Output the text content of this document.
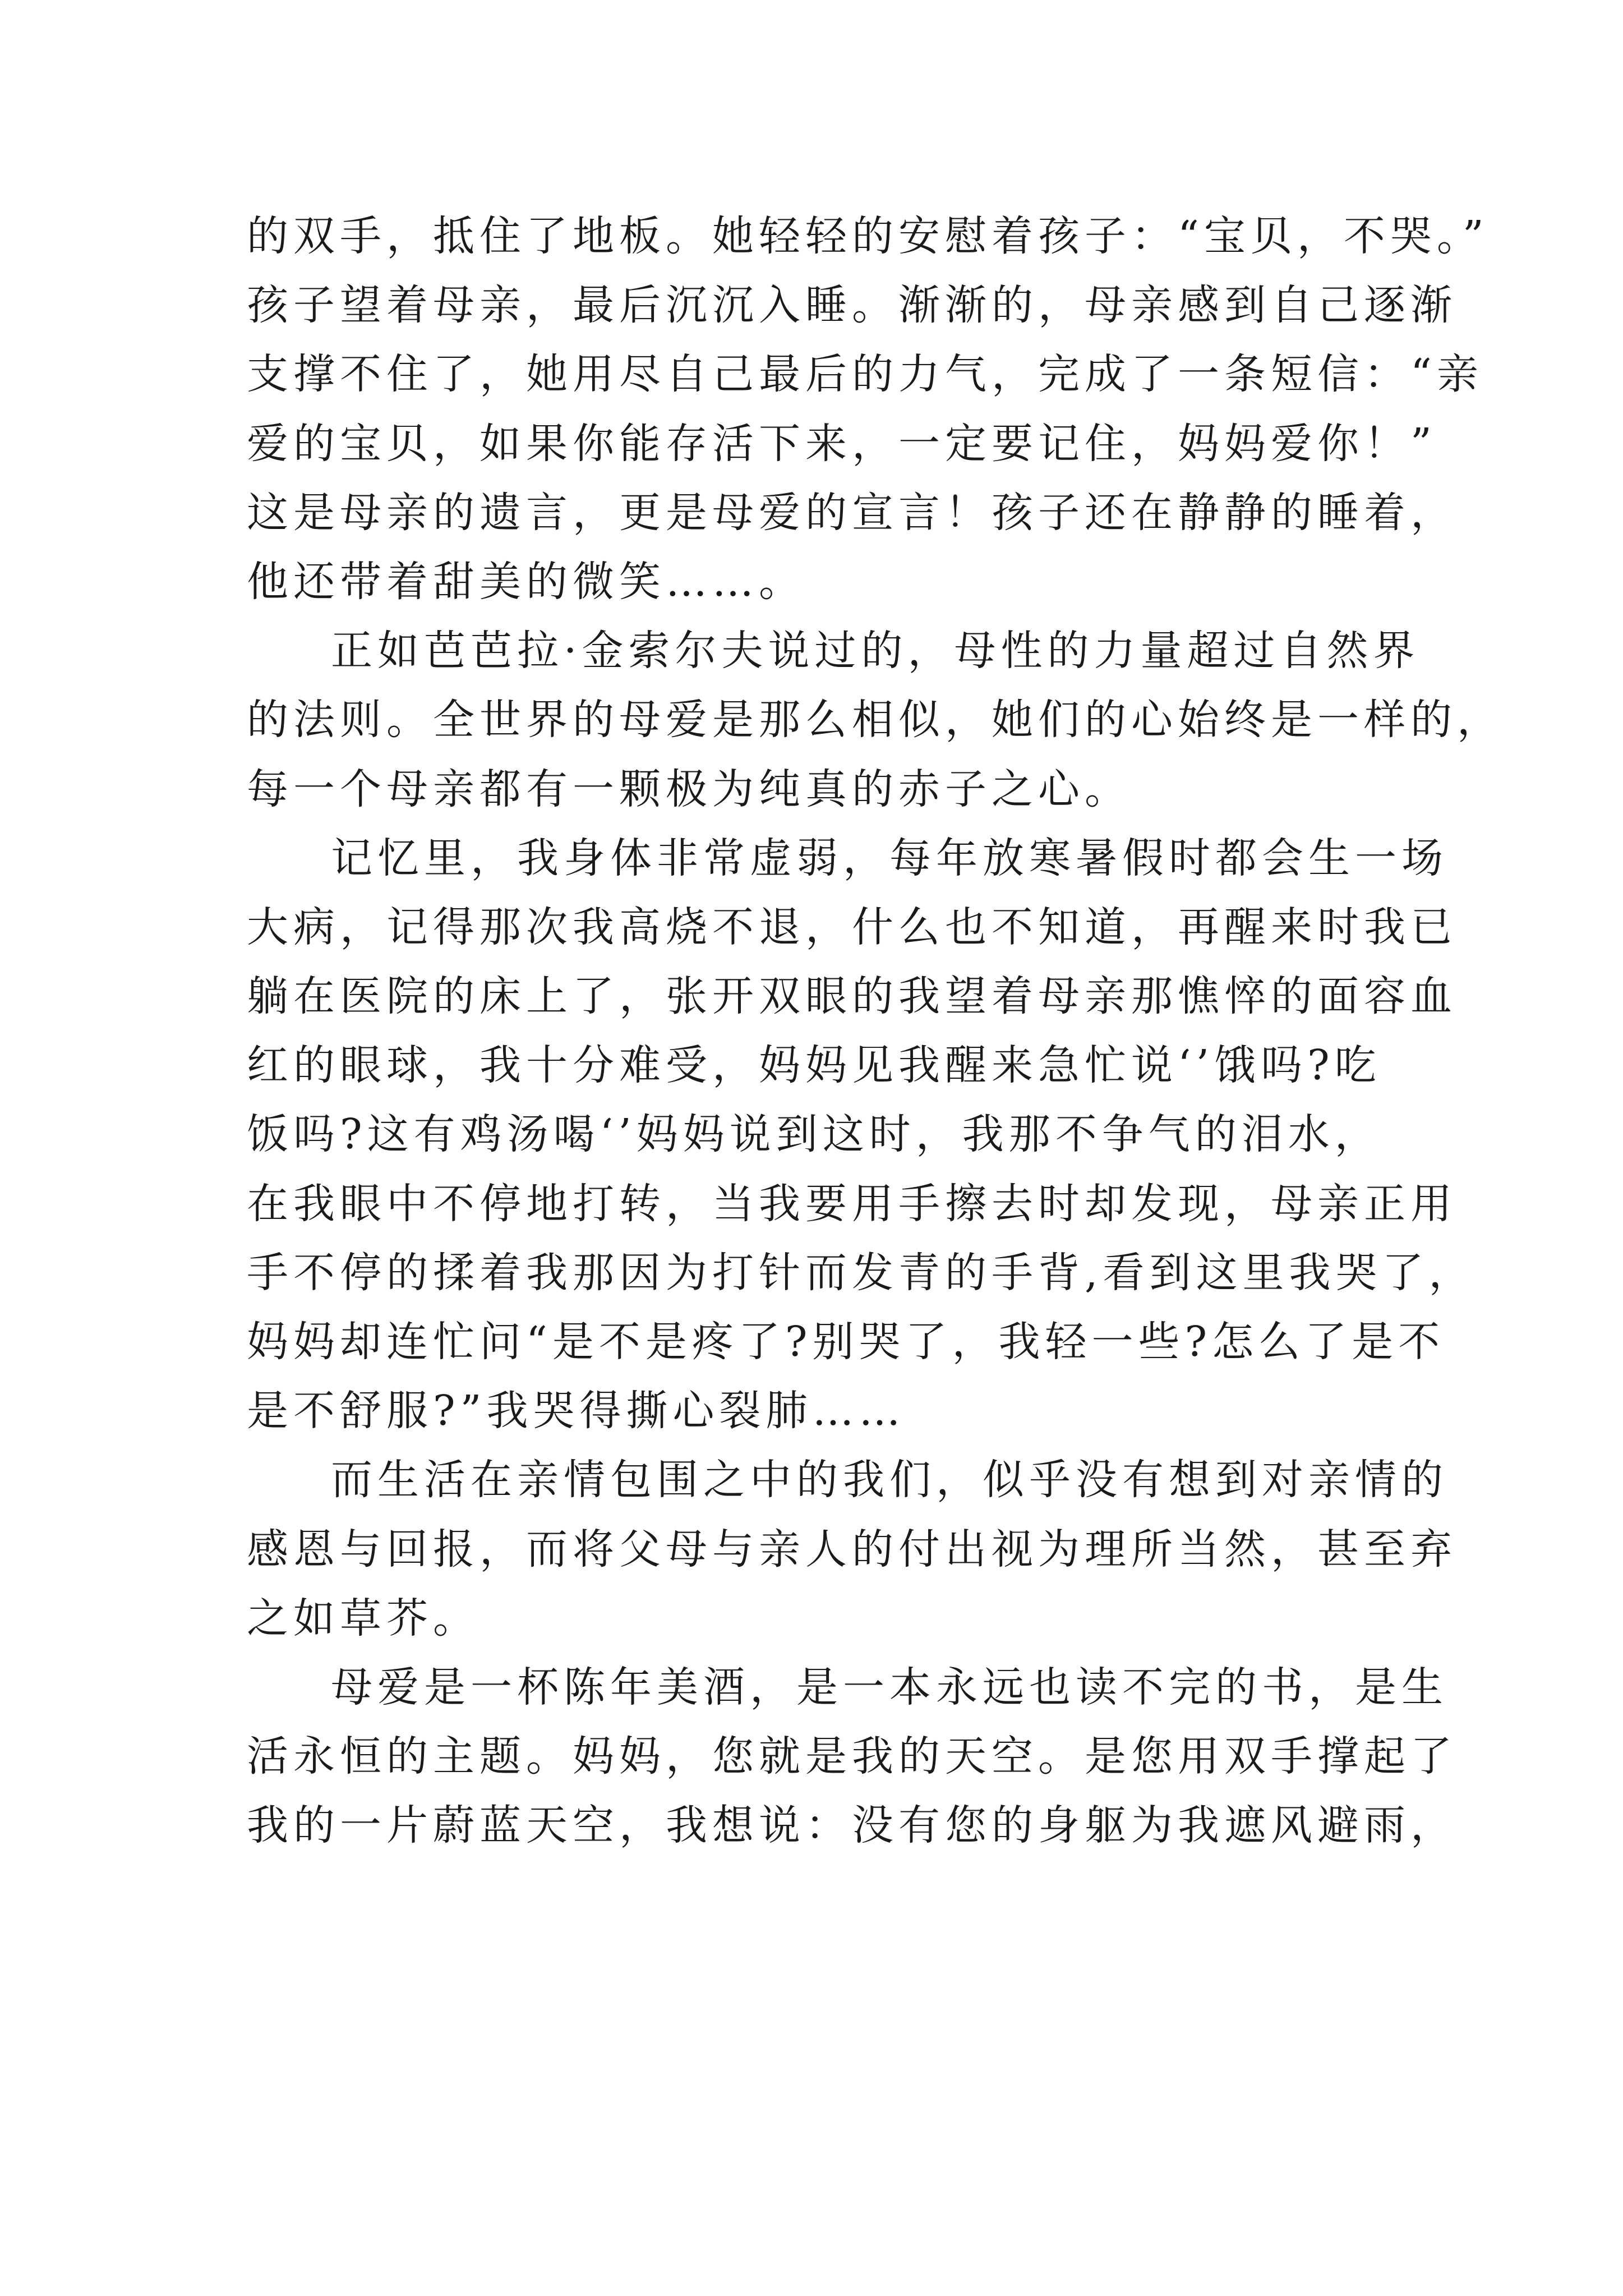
的双手，抵住了地板。她轻轻的安慰着孩子：“宝贝，不哭。”
孩子望着母亲，最后沉沉入睡。渐渐的，母亲感到自己逐渐
支撑不住了，她用尽自己最后的力气，完成了一条短信：“亲
爱的宝贝，如果你能存活下来，一定要记住，妈妈爱你！”
这是母亲的遗言，更是母爱的宣言！孩子还在静静的睡着，
他还带着甜美的微笑……。
正如芭芭拉·金索尔夫说过的，母性的力量超过自然界
的法则。全世界的母爱是那么相似，她们的心始终是一样的，
每一个母亲都有一颗极为纯真的赤子之心。
记忆里，我身体非常虚弱，每年放寒暑假时都会生一场
大病，记得那次我高烧不退，什么也不知道，再醒来时我已
躺在医院的床上了，张开双眼的我望着母亲那憔悴的面容血
红的眼球，我十分难受，妈妈见我醒来急忙说‘’饿吗?吃
饭吗?这有鸡汤喝‘’妈妈说到这时，我那不争气的泪水，
在我眼中不停地打转，当我要用手擦去时却发现，母亲正用
手不停的揉着我那因为打针而发青的手背,看到这里我哭了，
妈妈却连忙问“是不是疼了?别哭了，我轻一些?怎么了是不
是不舒服?”我哭得撕心裂肺……
而生活在亲情包围之中的我们，似乎没有想到对亲情的
感恩与回报，而将父母与亲人的付出视为理所当然，甚至弃
之如草芥。
母爱是一杯陈年美酒，是一本永远也读不完的书，是生
活永恒的主题。妈妈，您就是我的天空。是您用双手撑起了
我的一片蔚蓝天空，我想说：没有您的身躯为我遮风避雨，
